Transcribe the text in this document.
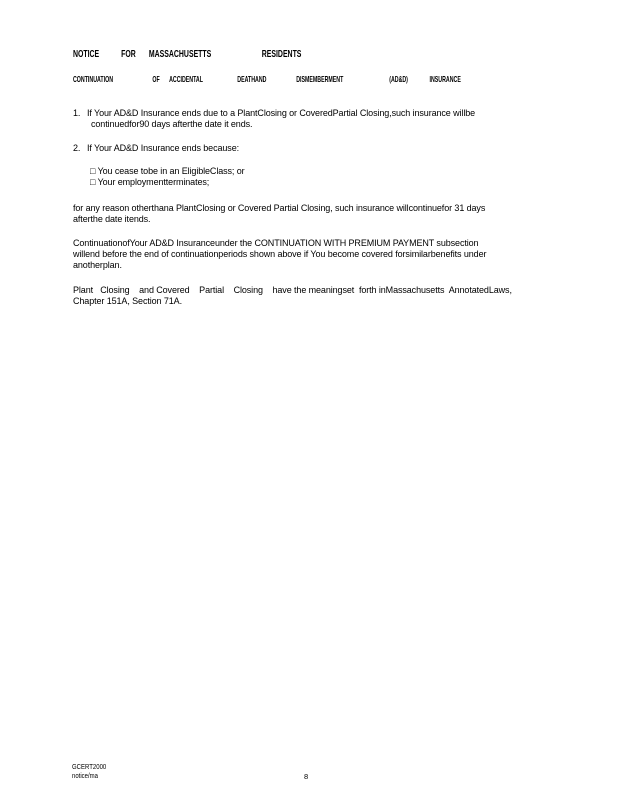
NOTICE FOR MASSACHUSETTS	RESIDENTS
CONTINUATION	OF ACCIDENTAL	DEATHAND	DISMEMBERMENT	(AD&D)	INSURANCE
1. If Your AD&D Insurance ends due to a PlantClosing or CoveredPartial Closing,such insurance willbe
continuedfor90 days afterthe date it ends.
2. If Your AD&D Insurance ends because:
□ You cease tobe in an EligibleClass; or
□ Your employmentterminates;
for any reason otherthana PlantClosing or Covered Partial Closing, such insurance willcontinuefor 31 days
afterthe date itends.
ContinuationofYour AD&D Insuranceunder the CONTINUATION WITH PREMIUM PAYMENT subsection
willend before the end of continuationperiods shown above if You become covered forsimilarbenefits under
anotherplan.
Plant   Closing    and Covered    Partial    Closing    have the meaningset  forth inMassachusetts  AnnotatedLaws,
Chapter 151A, Section 71A.
GCERT2000
notice/ma	8
